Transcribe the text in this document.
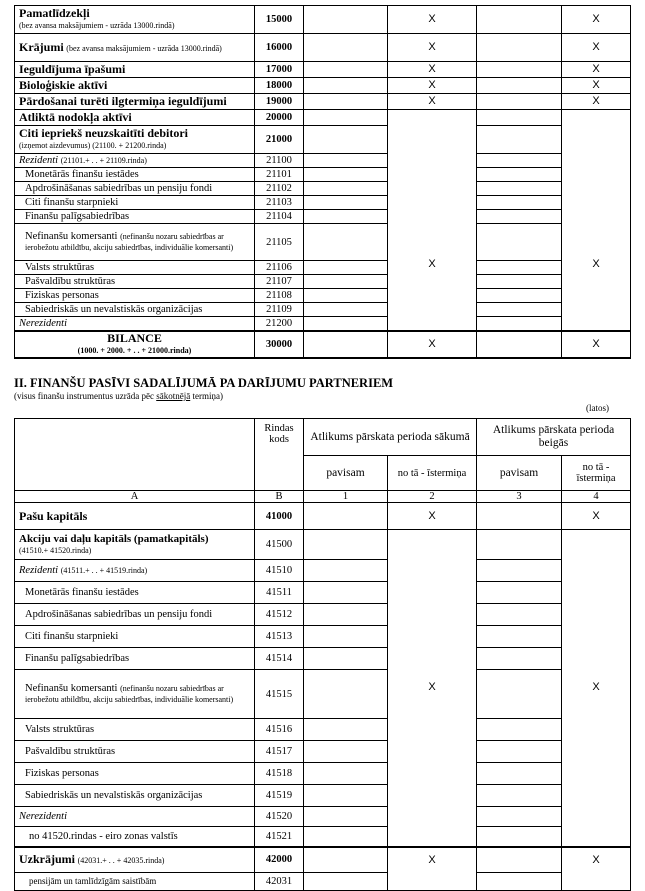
Pamatlīdzekļi
(bez avansa maksājumiem - uzrāda 13000.rindā)	15000		X		X
Krājumi (bez avansa maksājumiem - uzrāda 13000.rindā)	16000		X		X
Ieguldījuma īpašumi	17000		X		X
Bioloģiskie aktīvi	18000		X		X
Pārdošanai turēti ilgtermiņa ieguldījumi	19000		X		X
Atliktā nodokļa aktīvi	20000		X		X

Citi iepriekš neuzskaitīti debitori
(izņemot aizdevumus) (21100. + 21200.rinda)	21000				
Rezidenti (21101.+ . . + 21109.rinda)	21100				
Monetārās finanšu iestādes	21101				
Apdrošināšanas sabiedrības un pensiju fondi	21102				
Citi finanšu starpnieki	21103				
Finanšu palīgsabiedrības	21104				
Nefinanšu komersanti (nefinanšu nozaru sabiedrības ar ierobežotu atbildību, akciju sabiedrības, individuālie komersanti)	21105				
Valsts struktūras	21106				
Pašvaldību struktūras	21107				
Fiziskas personas	21108				
Sabiedriskās un nevalstiskās organizācijas	21109				
Nerezidenti	21200				
BILANCE
(1000. + 2000. + . . + 21000.rinda)	30000		X		X
II. FINANŠU PASĪVI SADALĪJUMĀ PA DARĪJUMU PARTNERIEM
(visus finanšu instrumentus uzrāda pēc sākotnējā termiņa)
(latos)
	Rindas kods	Atlikums pārskata perioda sākumā		Atlikums pārskata perioda beigās	
		pavisam	no tā - īstermiņa	pavisam	no tā - īstermiņa
A	B	1	2	3	4
Pašu kapitāls	41000		X		X
Akciju vai daļu kapitāls (pamatkapitāls)
(41510.+ 41520.rinda)	41500		X		X

Rezidenti (41511.+ . . + 41519.rinda)	41510				
Monetārās finanšu iestādes	41511				
Apdrošināšanas sabiedrības un pensiju fondi	41512				
Citi finanšu starpnieki	41513				
Finanšu palīgsabiedrības	41514				
Nefinanšu komersanti (nefinanšu nozaru sabiedrības ar ierobežotu atbildību, akciju sabiedrības, individuālie komersanti)	41515				
Valsts struktūras	41516				
Pašvaldību struktūras	41517				
Fiziskas personas	41518				
Sabiedriskās un nevalstiskās organizācijas	41519				
Nerezidenti	41520				
no 41520.rindas - eiro zonas valstīs	41521				
Uzkrājumi (42031.+ . . + 42035.rinda)	42000		X		X

pensijām un tamlīdzīgām saistībām	42031				
